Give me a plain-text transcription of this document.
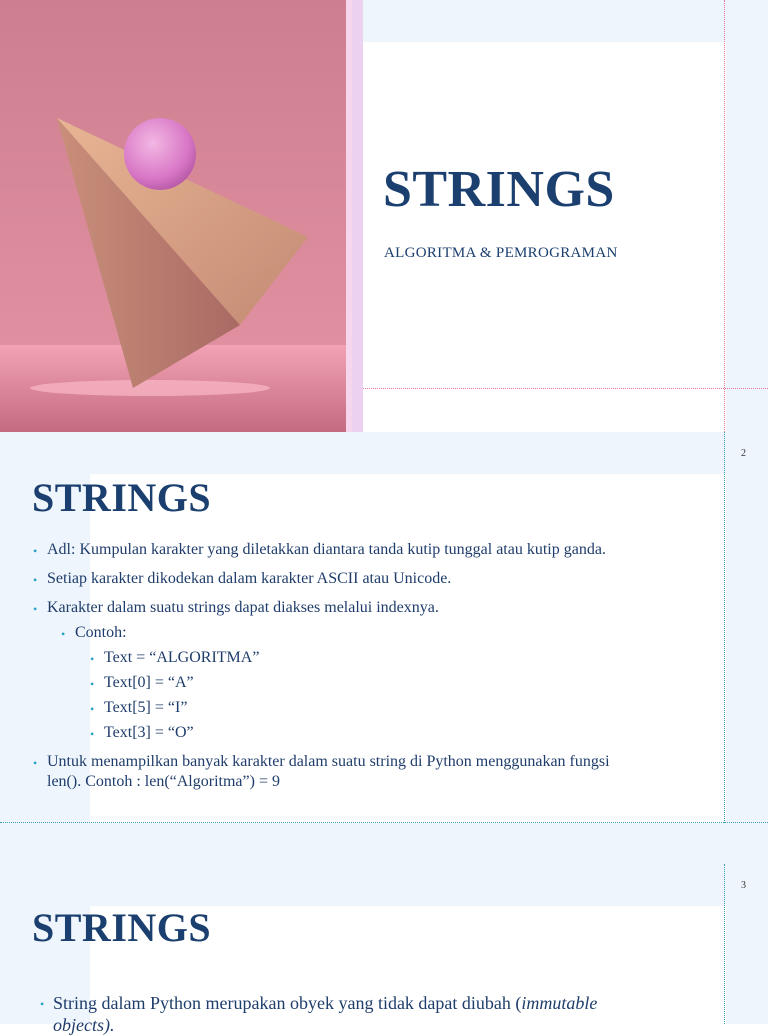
STRINGS
ALGORITMA & PEMROGRAMAN
2
STRINGS
• Adl: Kumpulan karakter yang diletakkan diantara tanda kutip tunggal atau kutip ganda.
• Setiap karakter dikodekan dalam karakter ASCII atau Unicode.
• Karakter dalam suatu strings dapat diakses melalui indexnya.
• Contoh:
• Text = “ALGORITMA”
• Text[0] = “A”
• Text[5] = “I”
• Text[3] = “O”
• Untuk menampilkan banyak karakter dalam suatu string di Python menggunakan fungsi
len(). Contoh : len(“Algoritma”) = 9
3
STRINGS
• String dalam Python merupakan obyek yang tidak dapat diubah (immutable
objects).
